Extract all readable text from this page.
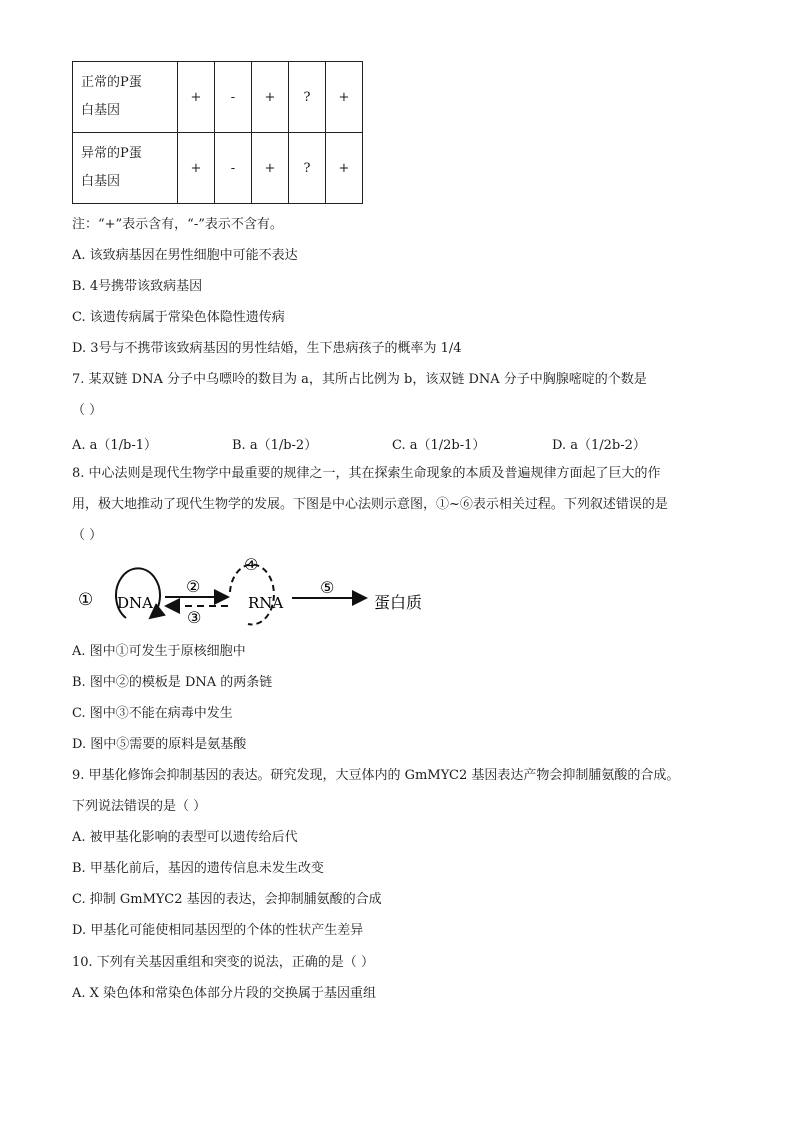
正常的P蛋
白基因	+	-	+	?	+
异常的P蛋
白基因	+	-	+	?	+
注：“+”表示含有，“-”表示不含有。
A. 该致病基因在男性细胞中可能不表达
B. 4号携带该致病基因
C. 该遗传病属于常染色体隐性遗传病
D. 3号与不携带该致病基因的男性结婚，生下患病孩子的概率为 1/4
7. 某双链 DNA 分子中乌嘌呤的数目为 a，其所占比例为 b，该双链 DNA 分子中胸腺嘧啶的个数是
（ ）
A. a（1/b-1）	B. a（1/b-2）	C. a（1/2b-1）	D. a（1/2b-2）
8. 中心法则是现代生物学中最重要的规律之一，其在探索生命现象的本质及普遍规律方面起了巨大的作
用，极大地推动了现代生物学的发展。下图是中心法则示意图，①~⑥表示相关过程。下列叙述错误的是
（ ）
① DNA
②
③
④
RNA
⑤
蛋白质
A. 图中①可发生于原核细胞中
B. 图中②的模板是 DNA 的两条链
C. 图中③不能在病毒中发生
D. 图中⑤需要的原料是氨基酸
9. 甲基化修饰会抑制基因的表达。研究发现，大豆体内的 GmMYC2 基因表达产物会抑制脯氨酸的合成。
下列说法错误的是（ ）
A. 被甲基化影响的表型可以遗传给后代
B. 甲基化前后，基因的遗传信息未发生改变
C. 抑制 GmMYC2 基因的表达，会抑制脯氨酸的合成
D. 甲基化可能使相同基因型的个体的性状产生差异
10. 下列有关基因重组和突变的说法，正确的是（ ）
A. X 染色体和常染色体部分片段的交换属于基因重组
